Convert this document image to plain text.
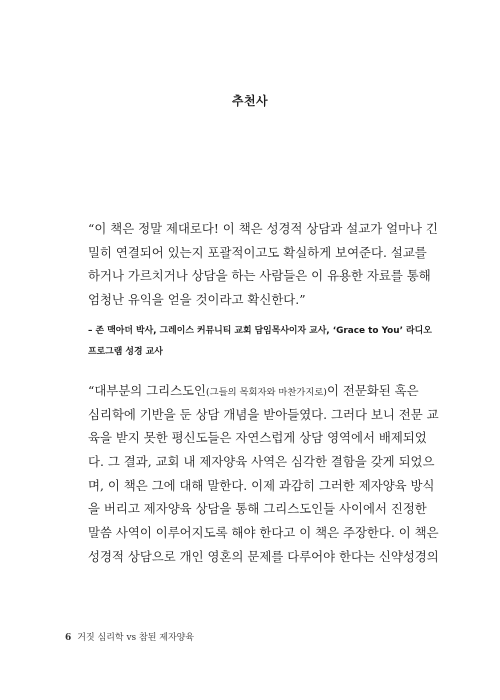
추천사
“이 책은 정말 제대로다! 이 책은 성경적 상담과 설교가 얼마나 긴
밀히 연결되어 있는지 포괄적이고도 확실하게 보여준다. 설교를
하거나 가르치거나 상담을 하는 사람들은 이 유용한 자료를 통해
엄청난 유익을 얻을 것이라고 확신한다.”
– 존 맥아더 박사, 그레이스 커뮤니티 교회 담임목사이자 교사, ‘Grace to You’ 라디오
프로그램 성경 교사
“대부분의 그리스도인(그들의 목회자와 마찬가지로)이 전문화된 혹은
심리학에 기반을 둔 상담 개념을 받아들였다. 그러다 보니 전문 교
육을 받지 못한 평신도들은 자연스럽게 상담 영역에서 배제되었
다. 그 결과, 교회 내 제자양육 사역은 심각한 결함을 갖게 되었으
며, 이 책은 그에 대해 말한다. 이제 과감히 그러한 제자양육 방식
을 버리고 제자양육 상담을 통해 그리스도인들 사이에서 진정한
말씀 사역이 이루어지도록 해야 한다고 이 책은 주장한다. 이 책은
성경적 상담으로 개인 영혼의 문제를 다루어야 한다는 신약성경의
6 거짓 심리학 vs 참된 제자양육
